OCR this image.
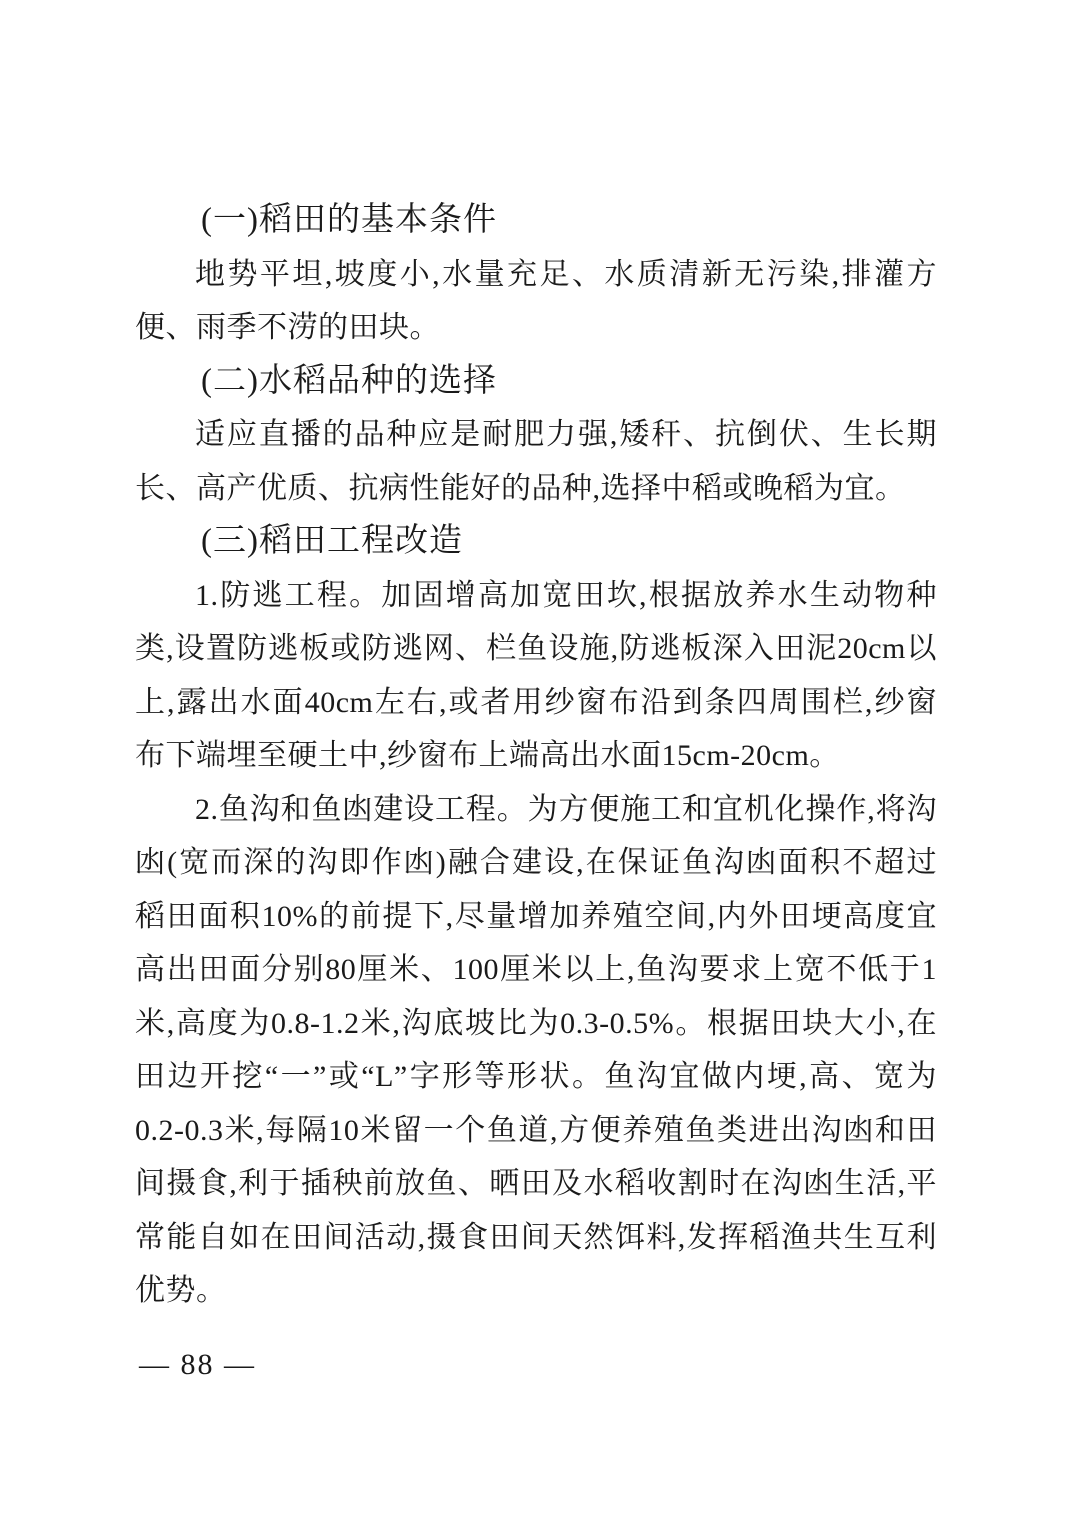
(一)稻田的基本条件
地势平坦,坡度小,水量充足、水质清新无污染,排灌方
便、雨季不涝的田块。
(二)水稻品种的选择
适应直播的品种应是耐肥力强,矮秆、抗倒伏、生长期
长、高产优质、抗病性能好的品种,选择中稻或晚稻为宜。
(三)稻田工程改造
1.防逃工程。加固增高加宽田坎,根据放养水生动物种
类,设置防逃板或防逃网、栏鱼设施,防逃板深入田泥20cm以
上,露出水面40cm左右,或者用纱窗布沿到条四周围栏,纱窗
布下端埋至硬土中,纱窗布上端高出水面15cm-20cm。
2.鱼沟和鱼凼建设工程。为方便施工和宜机化操作,将沟
凼(宽而深的沟即作凼)融合建设,在保证鱼沟凼面积不超过
稻田面积10%的前提下,尽量增加养殖空间,内外田埂高度宜
高出田面分别80厘米、100厘米以上,鱼沟要求上宽不低于1
米,高度为0.8-1.2米,沟底坡比为0.3-0.5%。根据田块大小,在
田边开挖“一”或“L”字形等形状。鱼沟宜做内埂,高、宽为
0.2-0.3米,每隔10米留一个鱼道,方便养殖鱼类进出沟凼和田
间摄食,利于插秧前放鱼、晒田及水稻收割时在沟凼生活,平
常能自如在田间活动,摄食田间天然饵料,发挥稻渔共生互利
优势。
— 88 —
